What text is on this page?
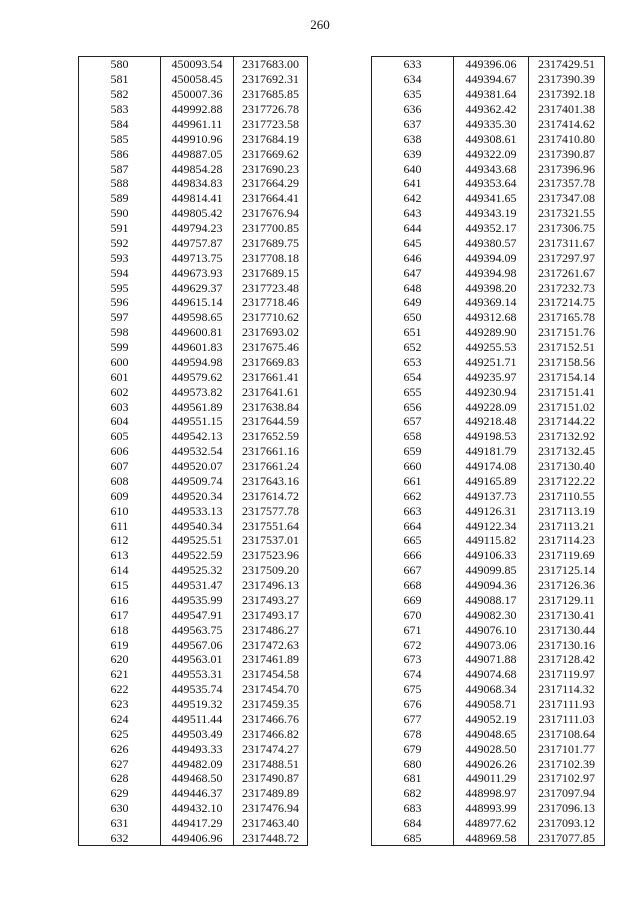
260
580	450093.54	2317683.00
581	450058.45	2317692.31
582	450007.36	2317685.85
583	449992.88	2317726.78
584	449961.11	2317723.58
585	449910.96	2317684.19
586	449887.05	2317669.62
587	449854.28	2317690.23
588	449834.83	2317664.29
589	449814.41	2317664.41
590	449805.42	2317676.94
591	449794.23	2317700.85
592	449757.87	2317689.75
593	449713.75	2317708.18
594	449673.93	2317689.15
595	449629.37	2317723.48
596	449615.14	2317718.46
597	449598.65	2317710.62
598	449600.81	2317693.02
599	449601.83	2317675.46
600	449594.98	2317669.83
601	449579.62	2317661.41
602	449573.82	2317641.61
603	449561.89	2317638.84
604	449551.15	2317644.59
605	449542.13	2317652.59
606	449532.54	2317661.16
607	449520.07	2317661.24
608	449509.74	2317643.16
609	449520.34	2317614.72
610	449533.13	2317577.78
611	449540.34	2317551.64
612	449525.51	2317537.01
613	449522.59	2317523.96
614	449525.32	2317509.20
615	449531.47	2317496.13
616	449535.99	2317493.27
617	449547.91	2317493.17
618	449563.75	2317486.27
619	449567.06	2317472.63
620	449563.01	2317461.89
621	449553.31	2317454.58
622	449535.74	2317454.70
623	449519.32	2317459.35
624	449511.44	2317466.76
625	449503.49	2317466.82
626	449493.33	2317474.27
627	449482.09	2317488.51
628	449468.50	2317490.87
629	449446.37	2317489.89
630	449432.10	2317476.94
631	449417.29	2317463.40
632	449406.96	2317448.72
633	449396.06	2317429.51
634	449394.67	2317390.39
635	449381.64	2317392.18
636	449362.42	2317401.38
637	449335.30	2317414.62
638	449308.61	2317410.80
639	449322.09	2317390.87
640	449343.68	2317396.96
641	449353.64	2317357.78
642	449341.65	2317347.08
643	449343.19	2317321.55
644	449352.17	2317306.75
645	449380.57	2317311.67
646	449394.09	2317297.97
647	449394.98	2317261.67
648	449398.20	2317232.73
649	449369.14	2317214.75
650	449312.68	2317165.78
651	449289.90	2317151.76
652	449255.53	2317152.51
653	449251.71	2317158.56
654	449235.97	2317154.14
655	449230.94	2317151.41
656	449228.09	2317151.02
657	449218.48	2317144.22
658	449198.53	2317132.92
659	449181.79	2317132.45
660	449174.08	2317130.40
661	449165.89	2317122.22
662	449137.73	2317110.55
663	449126.31	2317113.19
664	449122.34	2317113.21
665	449115.82	2317114.23
666	449106.33	2317119.69
667	449099.85	2317125.14
668	449094.36	2317126.36
669	449088.17	2317129.11
670	449082.30	2317130.41
671	449076.10	2317130.44
672	449073.06	2317130.16
673	449071.88	2317128.42
674	449074.68	2317119.97
675	449068.34	2317114.32
676	449058.71	2317111.93
677	449052.19	2317111.03
678	449048.65	2317108.64
679	449028.50	2317101.77
680	449026.26	2317102.39
681	449011.29	2317102.97
682	448998.97	2317097.94
683	448993.99	2317096.13
684	448977.62	2317093.12
685	448969.58	2317077.85
